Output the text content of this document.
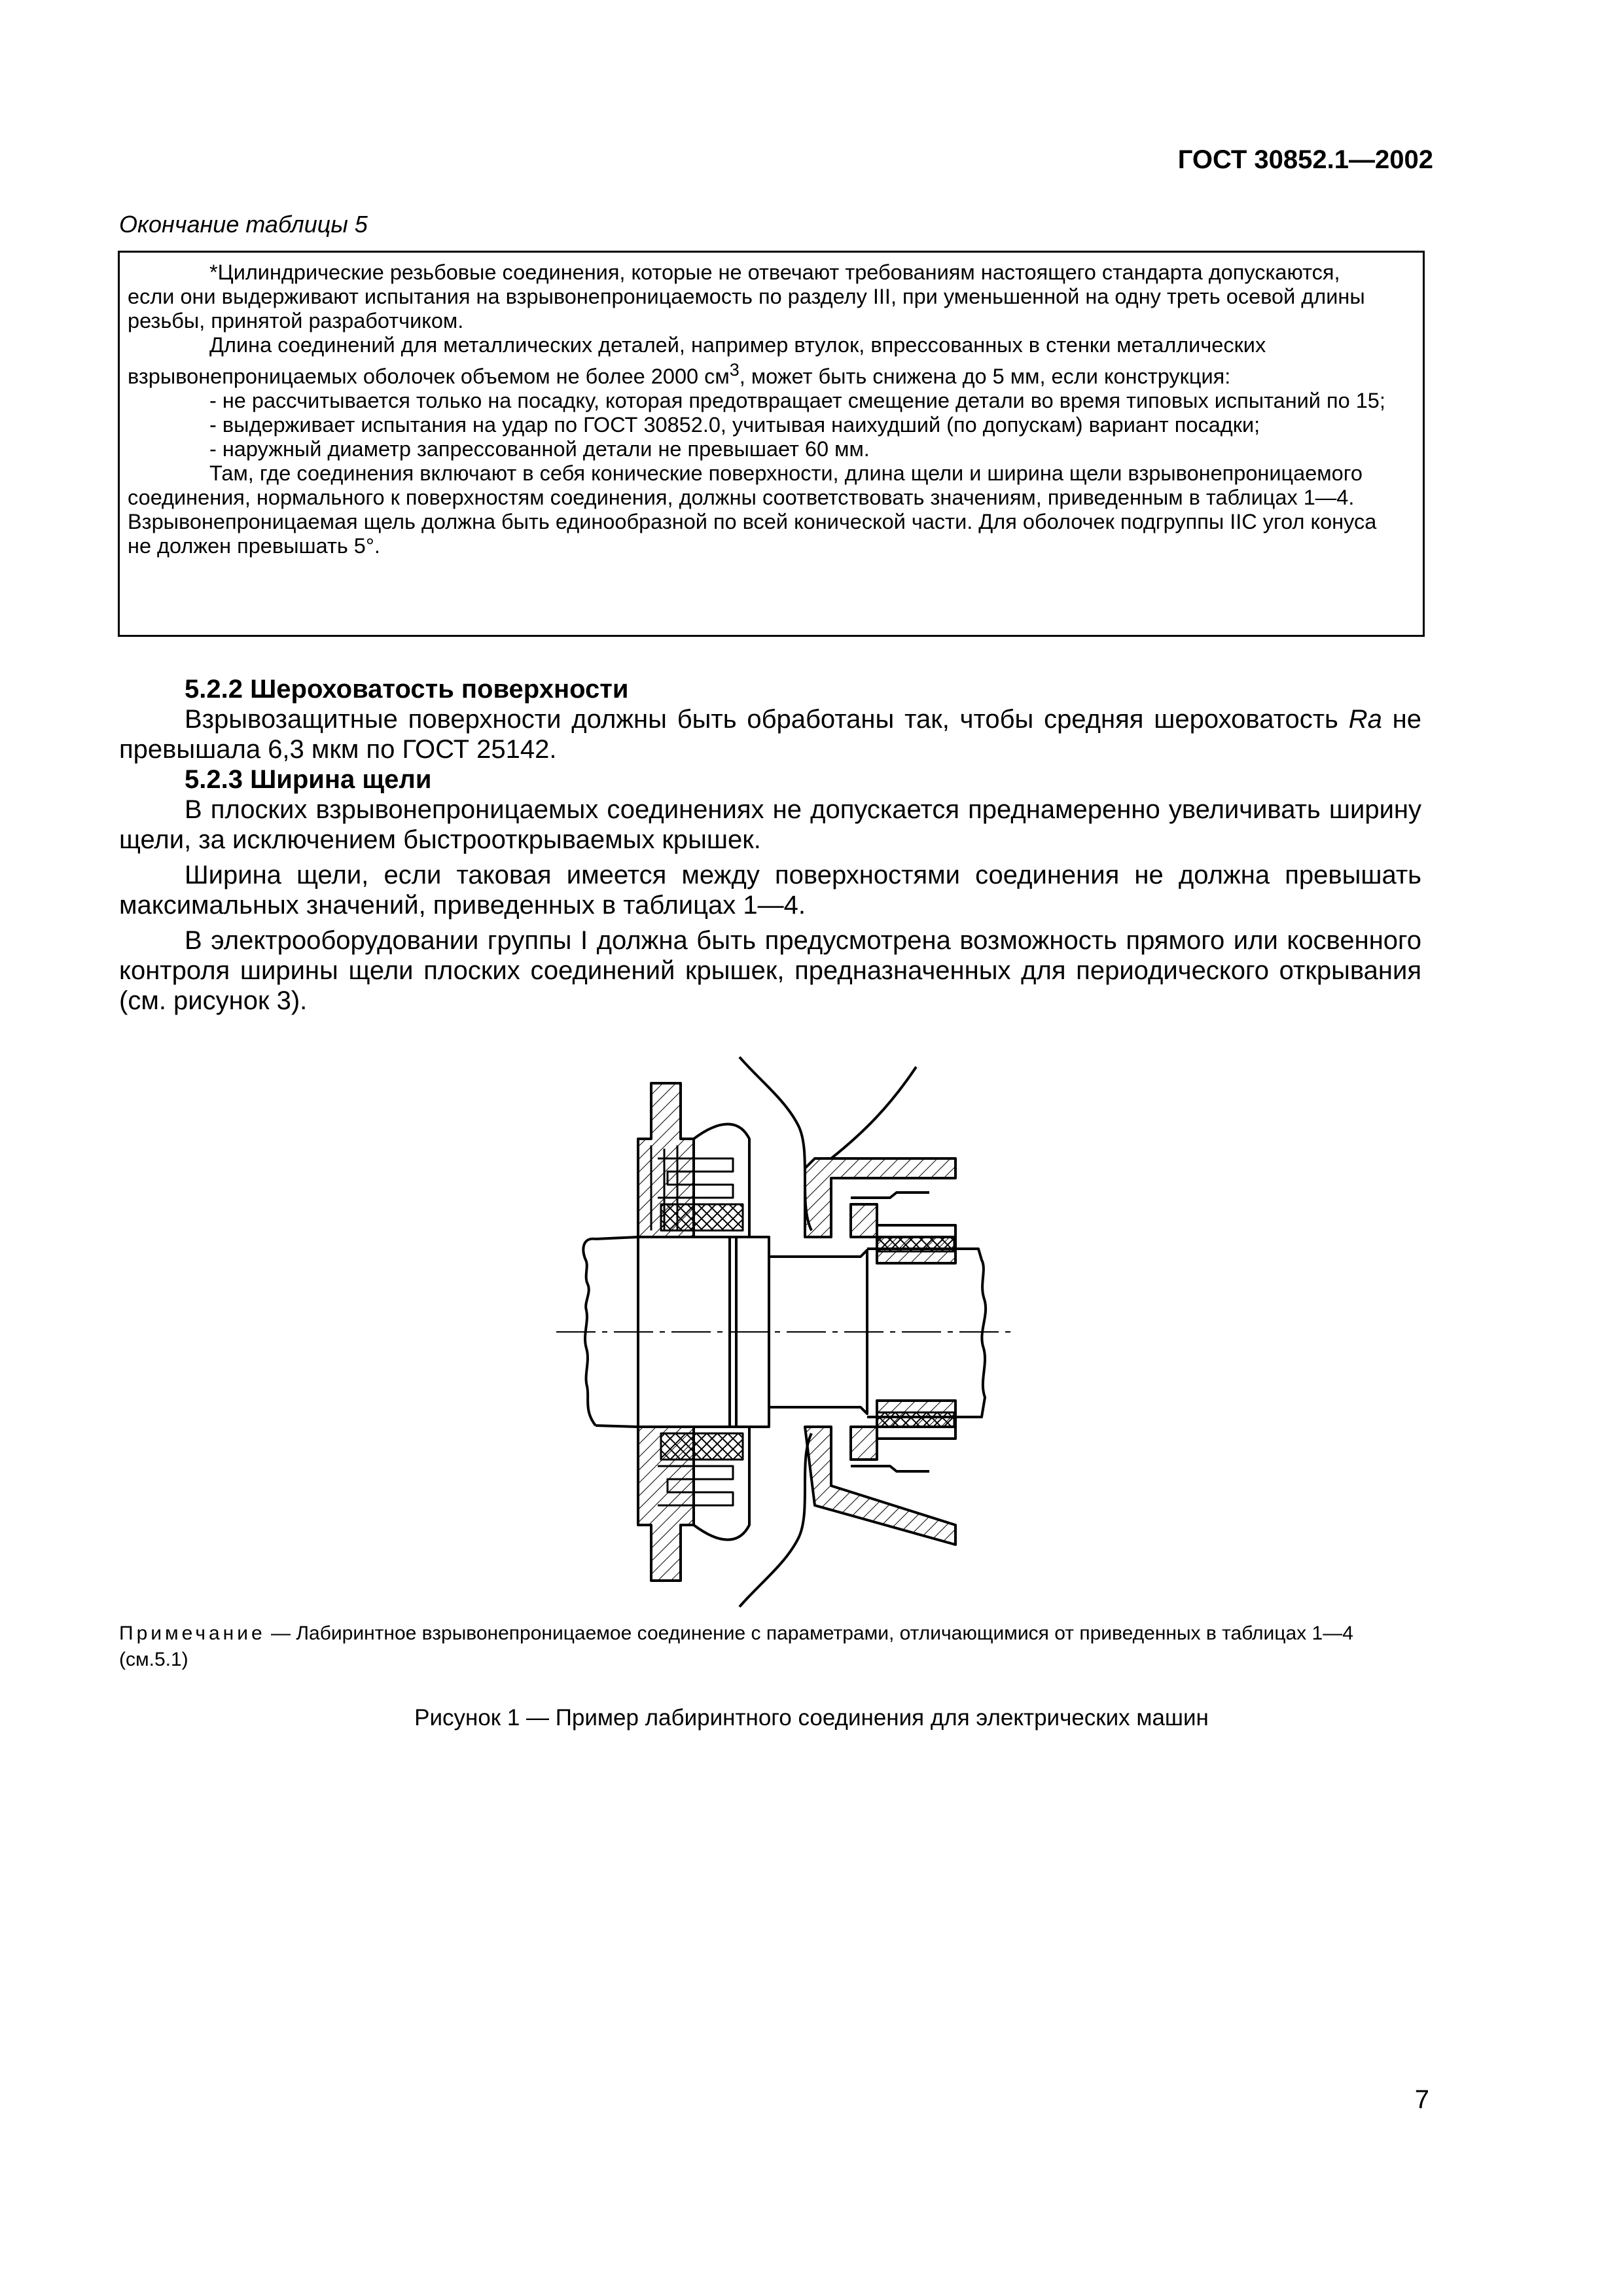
ГОСТ 30852.1—2002
Окончание таблицы 5

*Цилиндрические резьбовые соединения, которые не отвечают требованиям настоящего стандарта допускаются, если они выдерживают испытания на взрывонепроницаемость по разделу III, при уменьшенной на одну треть осевой длины резьбы, принятой разработчиком.

Длина соединений для металлических деталей, например втулок, впрессованных в стенки металлических взрывонепроницаемых оболочек объемом не более 2000 $см^3$, может быть снижена до 5 мм, если конструкция:

- не рассчитывается только на посадку, которая предотвращает смещение детали во время типовых испытаний по 15;

- выдерживает испытания на удар по ГОСТ 30852.0, учитывая наихудший (по допускам) вариант посадки;

- наружный диаметр запрессованной детали не превышает 60 мм.

Там, где соединения включают в себя конические поверхности, длина щели и ширина щели взрывонепроницаемого соединения, нормального к поверхностям соединения, должны соответствовать значениям, приведенным в таблицах 1—4. Взрывонепроницаемая щель должна быть единообразной по всей конической части. Для оболочек подгруппы IIC угол конуса не должен превышать 5°.

5.2.2 Шероховатость поверхности

Взрывозащитные поверхности должны быть обработаны так, чтобы средняя шероховатость Ra не превышала 6,3 мкм по ГОСТ 25142.

5.2.3 Ширина щели

В плоских взрывонепроницаемых соединениях не допускается преднамеренно увеличивать ширину щели, за исключением быстрооткрываемых крышек.

Ширина щели, если таковая имеется между поверхностями соединения не должна превышать максимальных значений, приведенных в таблицах 1—4.

В электрооборудовании группы I должна быть предусмотрена возможность прямого или косвенного контроля ширины щели плоских соединений крышек, предназначенных для периодического открывания (см. рисунок 3).

Примечание — Лабиринтное взрывонепроницаемое соединение с параметрами, отличающимися от приведенных в таблицах 1—4 (см.5.1)
Рисунок 1 — Пример лабиринтного соединения для электрических машин
7
